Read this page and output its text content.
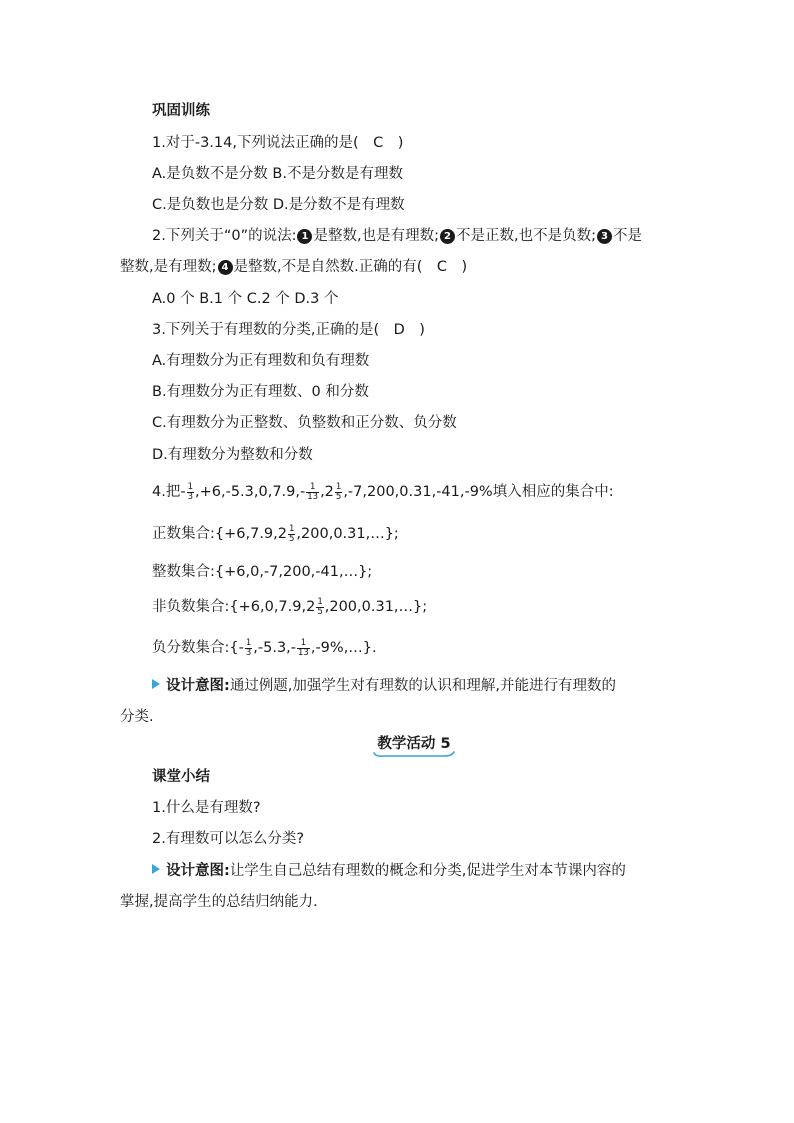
巩固训练
1.对于-3.14,下列说法正确的是(　C　)
A.是负数不是分数 B.不是分数是有理数
C.是负数也是分数 D.是分数不是有理数
2.下列关于“0”的说法: 1 是整数,也是有理数; 2 不是正数,也不是负数; 3 不是
整数,是有理数; 4 是整数,不是自然数.正确的有(　C　)
A.0 个 B.1 个 C.2 个 D.3 个
3.下列关于有理数的分类,正确的是(　D　)
A.有理数分为正有理数和负有理数
B.有理数分为正有理数、0 和分数
C.有理数分为正整数、负整数和正分数、负分数
D.有理数分为整数和分数
4.把- $\frac{1}{3} ,+6,-5.3,0,7.9,- \frac{1}{13} ,2 \frac{1}{5} ,-7,200,0.31,-41,-9\%$填入相应的集合中:
正数集合:{+6,7.9,2 $\frac{1}{5}$ ,200,0.31,…};
整数集合:{+6,0,-7,200,-41,…};
非负数集合:{+6,0,7.9,2 $\frac{1}{5}$ ,200,0.31,…};
负分数集合:{- $\frac{1}{3} ,-5.3,- \frac{1}{13}$ ,-9%,…}.
设计意图:通过例题,加强学生对有理数的认识和理解,并能进行有理数的
分类.
教学活动 5
课堂小结
1.什么是有理数?
2.有理数可以怎么分类?
设计意图:让学生自己总结有理数的概念和分类,促进学生对本节课内容的
掌握,提高学生的总结归纳能力.
